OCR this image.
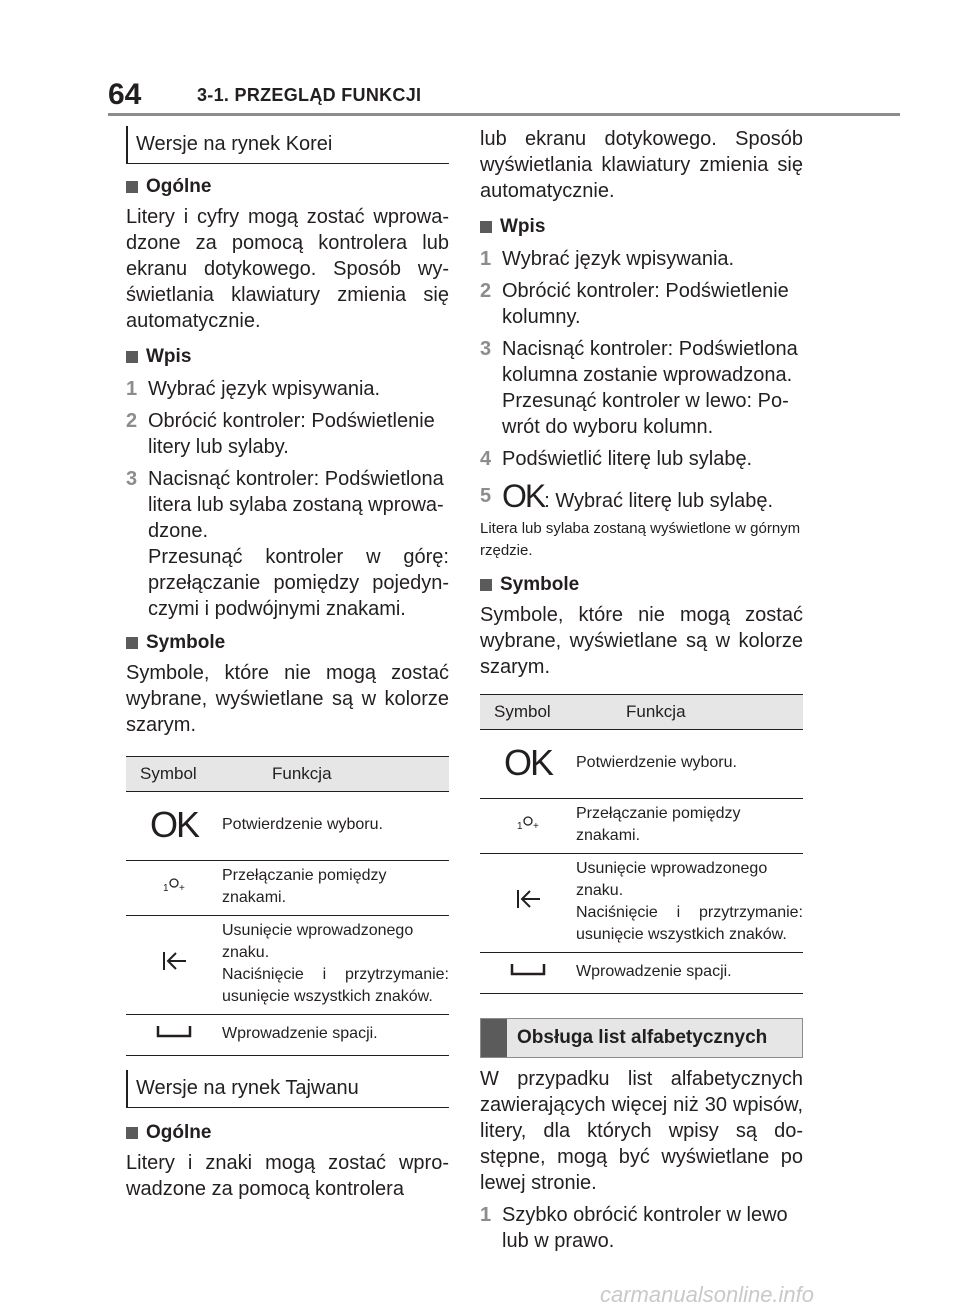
64	3-1. PRZEGLĄD FUNKCJI
Wersje na rynek Korei
Ogólne
Litery i cyfry mogą zostać wprowadzone za pomocą kontrolera lub ekranu dotykowego. Sposób wyświetlania klawiatury zmienia się automatycznie.
Wpis
1 Wybrać język wpisywania.
2 Obrócić kontroler: Podświetlenie litery lub sylaby.
3 Nacisnąć kontroler: Podświetlona litera lub sylaba zostaną wprowadzone.

Przesunąć kontroler w górę: przełączanie pomiędzy pojedynczymi i podwójnymi znakami.
Symbole
Symbole, które nie mogą zostać wybrane, wyświetlane są w kolorze szarym.
Symbol	Funkcja
OK	Potwierdzenie wyboru.

1 +	Przełączanie pomiędzy znakami.
	Usunięcie wprowadzonego znaku.

Naciśnięcie i przytrzymanie: usunięcie wszystkich znaków.

	Wprowadzenie spacji.
Wersje na rynek Tajwanu
Ogólne
Litery i znaki mogą zostać wprowadzone za pomocą kontrolera
lub ekranu dotykowego. Sposób wyświetlania klawiatury zmienia się automatycznie.
Wpis
1 Wybrać język wpisywania.
2 Obrócić kontroler: Podświetlenie kolumny.
3 Nacisnąć kontroler: Podświetlona kolumna zostanie wprowadzona.
Przesunąć kontroler w lewo: Powrót do wyboru kolumn.
4 Podświetlić literę lub sylabę.
5 OK: Wybrać literę lub sylabę.
Litera lub sylaba zostaną wyświetlone w górnym rzędzie.
Symbole
Symbole, które nie mogą zostać wybrane, wyświetlane są w kolorze szarym.
Symbol	Funkcja
OK	Potwierdzenie wyboru.

1 +	Przełączanie pomiędzy znakami.
	Usunięcie wprowadzonego znaku.

Naciśnięcie i przytrzymanie: usunięcie wszystkich znaków.

	Wprowadzenie spacji.
Obsługa list alfabetycznych
W przypadku list alfabetycznych zawierających więcej niż 30 wpisów, litery, dla których wpisy są dostępne, mogą być wyświetlane po lewej stronie.
1 Szybko obrócić kontroler w lewo lub w prawo.
carmanualsonline.info
